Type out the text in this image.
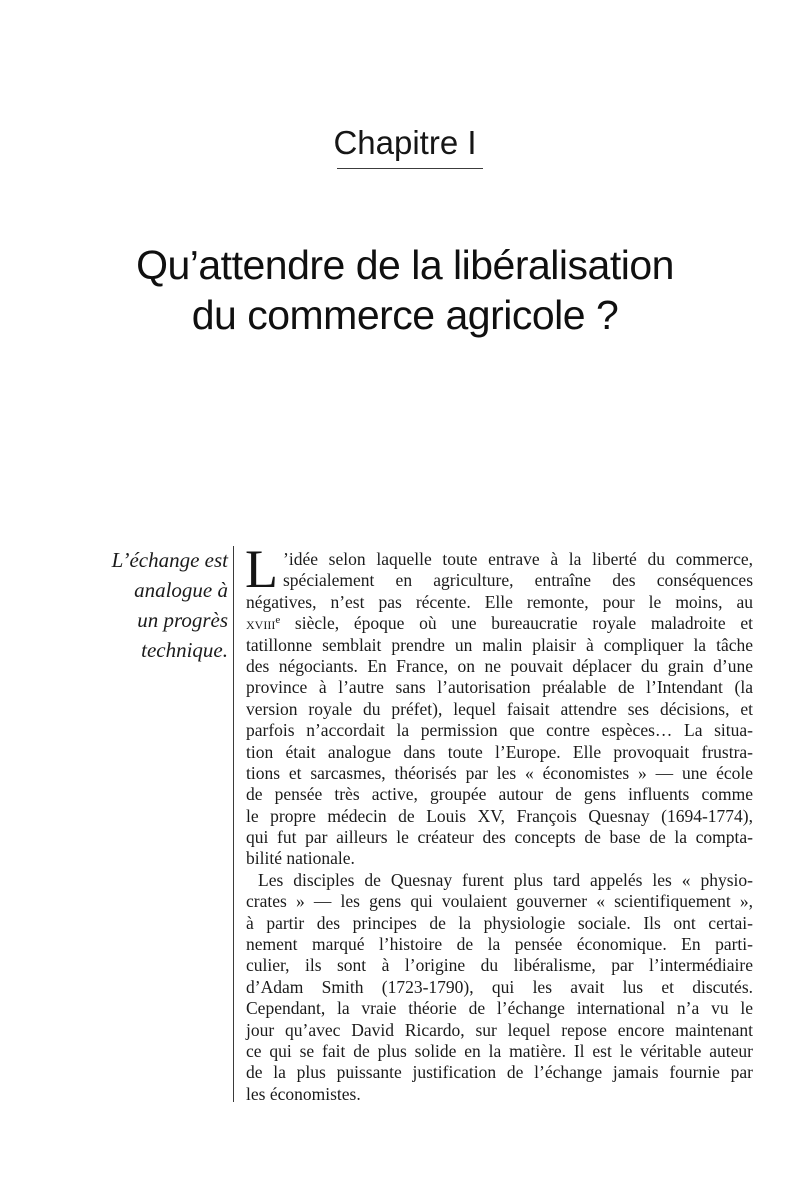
Chapitre I
Qu’attendre de la libéralisation
du commerce agricole ?
L’échange est
analogue à
un progrès
technique.
L ’idée selon laquelle toute entrave à la liberté du commerce,
spécialement en agriculture, entraîne des conséquences
négatives, n’est pas récente. Elle remonte, pour le moins, au
xviii$^e$ siècle, époque où une bureaucratie royale maladroite et
tatillonne semblait prendre un malin plaisir à compliquer la tâche
des négociants. En France, on ne pouvait déplacer du grain d’une
province à l’autre sans l’autorisation préalable de l’Intendant (la
version royale du préfet), lequel faisait attendre ses décisions, et
parfois n’accordait la permission que contre espèces… La situa-
tion était analogue dans toute l’Europe. Elle provoquait frustra-
tions et sarcasmes, théorisés par les « économistes » — une école
de pensée très active, groupée autour de gens influents comme
le propre médecin de Louis XV, François Quesnay (1694-1774),
qui fut par ailleurs le créateur des concepts de base de la compta-
bilité nationale.
Les disciples de Quesnay furent plus tard appelés les « physio-
crates » — les gens qui voulaient gouverner « scientifiquement »,
à partir des principes de la physiologie sociale. Ils ont certai-
nement marqué l’histoire de la pensée économique. En parti-
culier, ils sont à l’origine du libéralisme, par l’intermédiaire
d’Adam Smith (1723-1790), qui les avait lus et discutés.
Cependant, la vraie théorie de l’échange international n’a vu le
jour qu’avec David Ricardo, sur lequel repose encore maintenant
ce qui se fait de plus solide en la matière. Il est le véritable auteur
de la plus puissante justification de l’échange jamais fournie par
les économistes.
